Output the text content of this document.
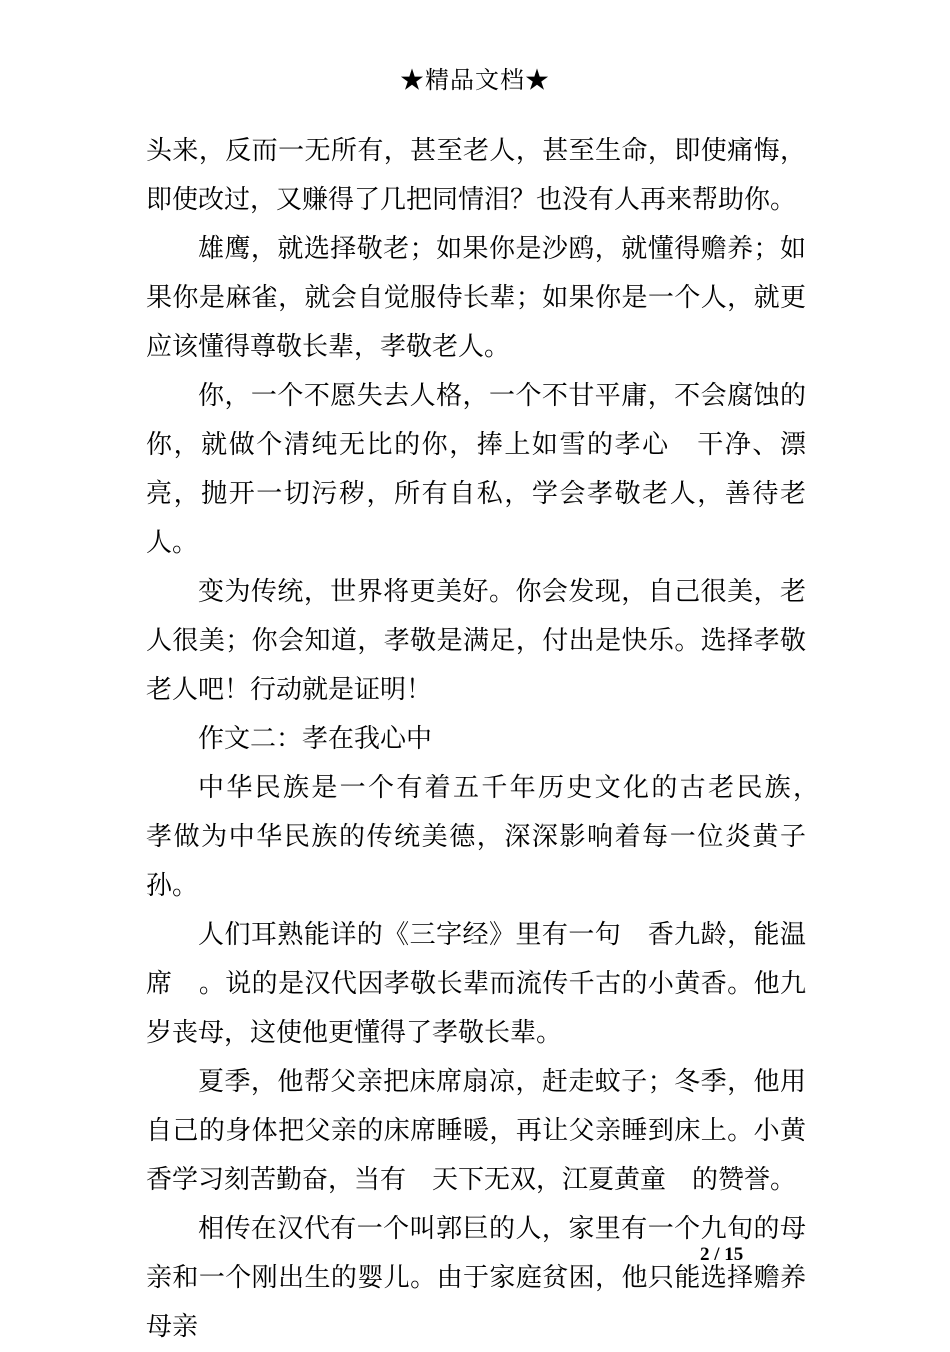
★精品文档★

头来，反而一无所有，甚至老人，甚至生命，即使痛悔，即使改过，又赚得了几把同情泪？也没有人再来帮助你。

雄鹰，就选择敬老；如果你是沙鸥，就懂得赡养；如果你是麻雀，就会自觉服侍长辈；如果你是一个人，就更应该懂得尊敬长辈，孝敬老人。

你，一个不愿失去人格，一个不甘平庸，不会腐蚀的你，就做个清纯无比的你，捧上如雪的孝心　干净、漂亮，抛开一切污秽，所有自私，学会孝敬老人，善待老人。

变为传统，世界将更美好。你会发现，自己很美，老人很美；你会知道，孝敬是满足，付出是快乐。选择孝敬老人吧！行动就是证明！

作文二：孝在我心中

中华民族是一个有着五千年历史文化的古老民族，　孝做为中华民族的传统美德，深深影响着每一位炎黄子孙。

人们耳熟能详的《三字经》里有一句　香九龄，能温席　。说的是汉代因孝敬长辈而流传千古的小黄香。他九岁丧母，这使他更懂得了孝敬长辈。

夏季，他帮父亲把床席扇凉，赶走蚊子；冬季，他用自己的身体把父亲的床席睡暖，再让父亲睡到床上。小黄香学习刻苦勤奋，当有　天下无双，江夏黄童　的赞誉。

相传在汉代有一个叫郭巨的人，家里有一个九旬的母亲和一个刚出生的婴儿。由于家庭贫困，他只能选择赡养母亲

2 / 15
